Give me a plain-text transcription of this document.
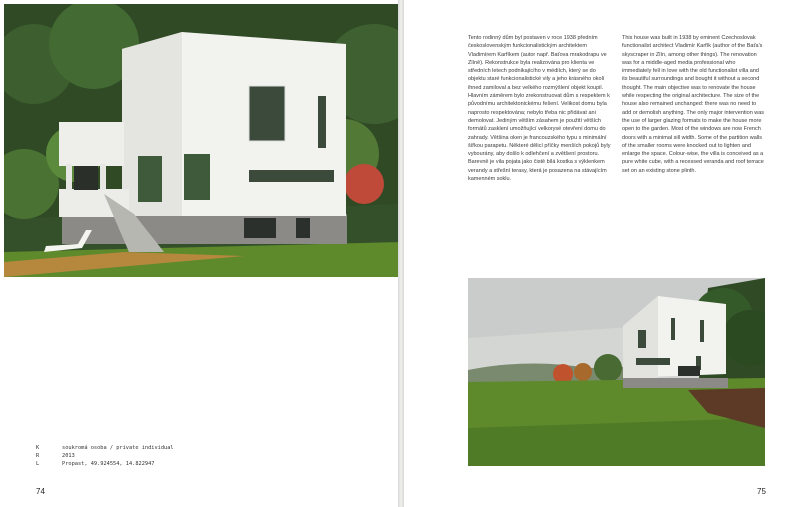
K	soukromá osoba / private individual
R	2013
L	Propast, 49.924554, 14.822947
74
Tento rodinný dům byl postaven v roce 1938 předním československým funkcionalistickým architektem Vladimírem Karfíkem (autor např. Baťova mrakodrapu ve Zlíně). Rekonstrukce byla realizována pro klienta ve středních letech podnikajícího v médiích, který se do objektu staré funkcionalistické vily a jeho krásného okolí ihned zamiloval a bez velkého rozmýšlení objekt koupil. Hlavním záměrem bylo zrekonstruovat dům s respektem k původnímu architektonickému řešení. Velikost domu byla naprosto respektována; nebylo třeba nic přidávat ani demolovat. Jediným větším zásahem je použití větších formátů zasklení umožňující velkorysé otevření domu do zahrady. Většina oken je francouzského typu s minimální šířkou parapetu. Některé dělicí příčky menších pokojů byly vybourány, aby došlo k odlehčení a zvětšení prostoru. Barevně je vila pojata jako čistě bílá kostka s výklenkem verandy a střešní terasy, která je posazena na stávajícím kamenném soklu.
This house was built in 1938 by eminent Czechoslovak functionalist architect Vladimír Karfík (author of the Baťa's skyscraper in Zlín, among other things). The renovation was for a middle-aged media professional who immediately fell in love with the old functionalist villa and its beautiful surroundings and bought it without a second thought. The main objective was to renovate the house while respecting the original architecture. The size of the house also remained unchanged: there was no need to add or demolish anything. The only major intervention was the use of larger glazing formats to make the house more open to the garden. Most of the windows are now French doors with a minimal sill width. Some of the partition walls of the smaller rooms were knocked out to lighten and enlarge the space. Colour-wise, the villa is conceived as a pure white cube, with a recessed veranda and roof terrace set on an existing stone plinth.
75
